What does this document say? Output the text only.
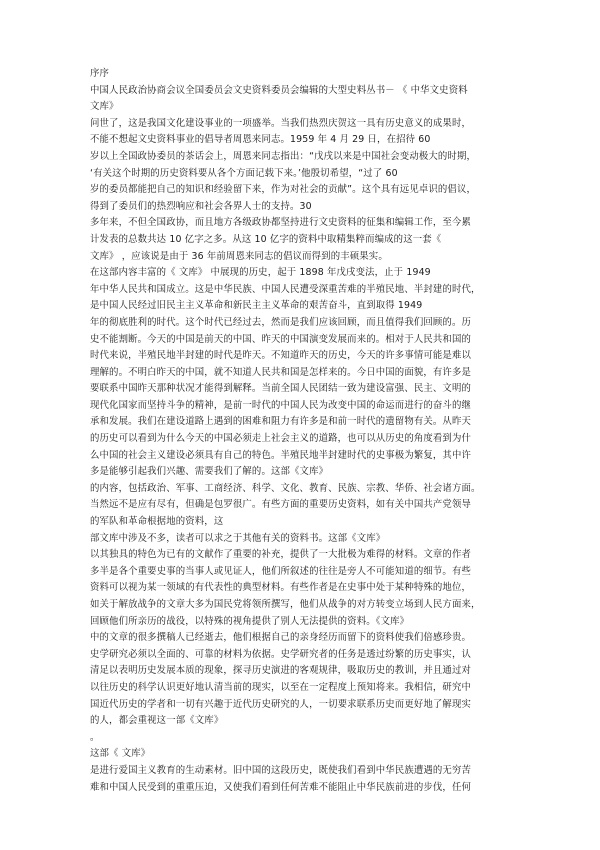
序序
中国人民政治协商会议全国委员会文史资料委员会编辑的大型史料丛书－ 《 中华文史资料
文库》
问世了，这是我国文化建设事业的一项盛举。当我们热烈庆贺这一具有历史意义的成果时，
不能不想起文史资料事业的倡导者周恩来同志。1959 年 4 月 29 日，在招待 60
岁以上全国政协委员的茶话会上，周恩来同志指出：“戊戌以来是中国社会变动极大的时期，
‘有关这个时期的历史资料要从各个方面记载下来。’他殷切希望，“过了 60
岁的委员都能把自己的知识和经验留下来，作为对社会的贡献”。这个具有远见卓识的倡议，
得到了委员们的热烈响应和社会各界人士的支持。30
多年来，不但全国政协，而且地方各级政协都坚持进行文史资料的征集和编辑工作，至今累
计发表的总数共达 10 亿字之多。从这 10 亿字的资料中取精集粹而编成的这一套《
文库》 ，应该说是由于 36 年前周恩来同志的倡议而得到的丰硕果实。
在这部内容丰富的《 文库》 中展现的历史，起于 1898 年戊戌变法，止于 1949
年中华人民共和国成立。这是中华民族、中国人民遭受深重苦难的半殖民地、半封建的时代，
是中国人民经过旧民主主义革命和新民主主义革命的艰苦奋斗，直到取得 1949
年的彻底胜利的时代。这个时代已经过去，然而是我们应该回顾，而且值得我们回顾的。历
史不能割断。今天的中国是前天的中国、昨天的中国演变发展而来的。相对于人民共和国的
时代来说，半殖民地半封建的时代是昨天。不知道昨天的历史，今天的许多事情可能是难以
理解的。不明白昨天的中国，就不知道人民共和国是怎样来的。今日中国的面貌，有许多是
要联系中国昨天那种状况才能得到解释。当前全国人民团结一致为建设富强、民主、文明的
现代化国家而坚持斗争的精神，是前一时代的中国人民为改变中国的命运而进行的奋斗的继
承和发展。我们在建设道路上遇到的困难和阻力有许多是和前一时代的遗留物有关。从昨天
的历史可以看到为什么今天的中国必须走上社会主义的道路，也可以从历史的角度看到为什
么中国的社会主义建设必须具有自己的特色。半殖民地半封建时代的史事极为繁复，其中许
多是能够引起我们兴趣、需要我们了解的。这部《文库》
的内容，包括政治、军事、工商经济、科学、文化、教育、民族、宗教、华侨、社会诸方面。
当然远不是应有尽有，但确是包罗很广。有些方面的重要历史资料，如有关中国共产党领导
的军队和革命根据地的资料，这
部文库中涉及不多，读者可以求之于其他有关的资料书。这部《文库》
以其独具的特色为已有的文献作了重要的补充，提供了一大批极为难得的材料。文章的作者
多半是各个重要史事的当事人或见证人，他们所叙述的往往是旁人不可能知道的细节。有些
资料可以视为某一领域的有代表性的典型材料。有些作者是在史事中处于某种特殊的地位，
如关于解放战争的文章大多为国民党将领所撰写，他们从战争的对方转变立场到人民方面来，
回顾他们所亲历的战役，以特殊的视角提供了别人无法提供的资料。《文库》
中的文章的很多撰稿人已经逝去，他们根据自己的亲身经历而留下的资料使我们倍感珍贵。
史学研究必须以全面的、可靠的材料为依据。史学研究者的任务是透过纷繁的历史事实，认
清足以表明历史发展本质的现象，探寻历史演进的客观规律，吸取历史的教训，并且通过对
以往历史的科学认识更好地认清当前的现实，以至在一定程度上预知将来。我相信，研究中
国近代历史的学者和一切有兴趣于近代历史研究的人，一切要求联系历史而更好地了解现实
的人，都会重视这一部《文库》
。
这部《 文库》
是进行爱国主义教育的生动素材。旧中国的这段历史，既使我们看到中华民族遭遇的无穷苦
难和中国人民受到的重重压迫，又使我们看到任何苦难不能阻止中华民族前进的步伐，任何
